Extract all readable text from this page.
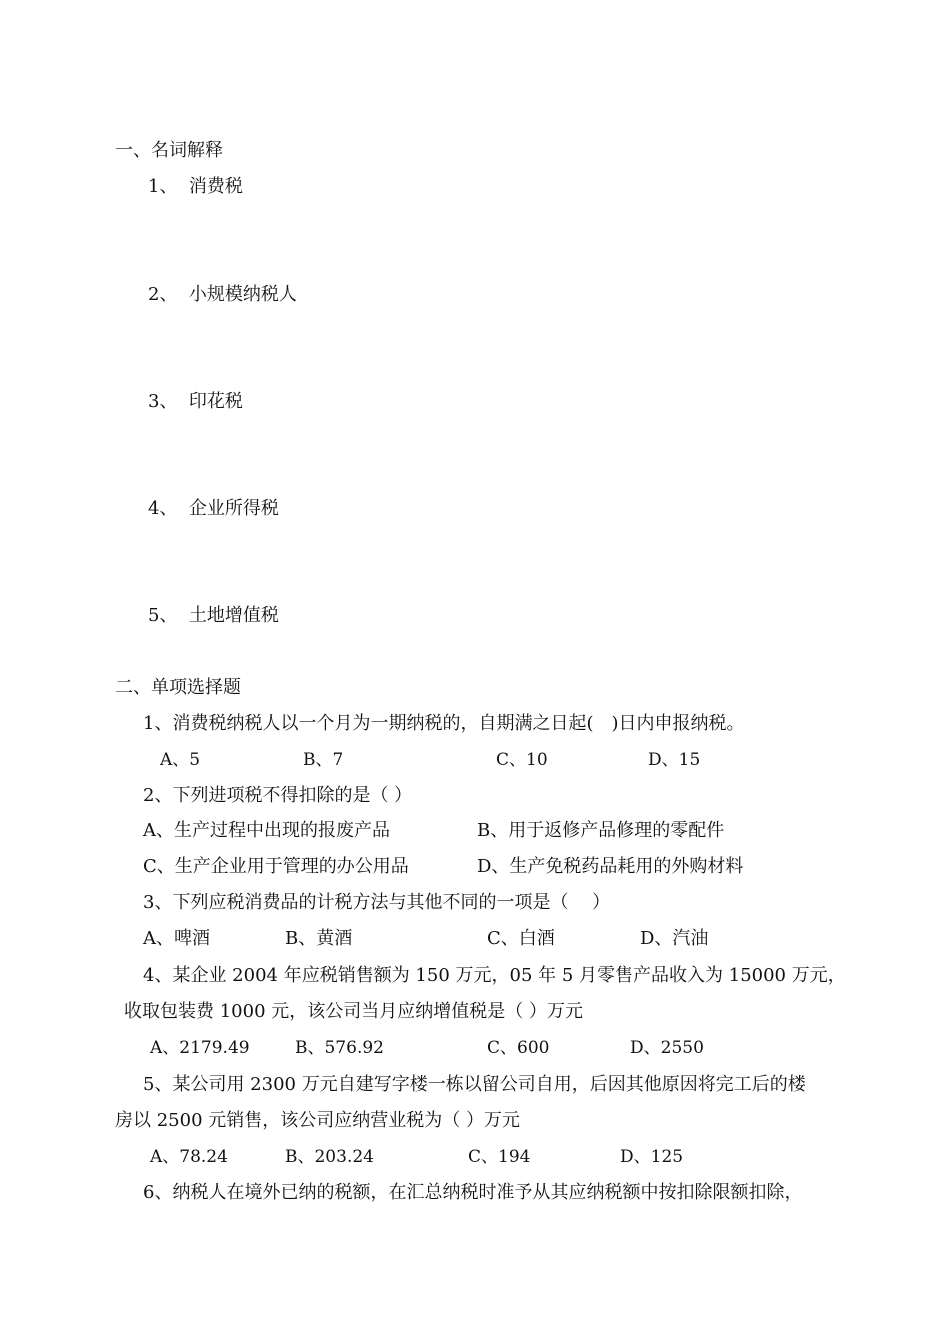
一、名词解释
1、 消费税
2、 小规模纳税人
3、 印花税
4、 企业所得税
5、 土地增值税
二、单项选择题
1、消费税纳税人以一个月为一期纳税的，自期满之日起(　)日内申报纳税。
A、5	B、7	C、10	D、15
2、下列进项税不得扣除的是（ ）
A、生产过程中出现的报废产品	B、用于返修产品修理的零配件
C、生产企业用于管理的办公用品	D、生产免税药品耗用的外购材料
3、下列应税消费品的计税方法与其他不同的一项是（　 ）
A、啤酒	B、黄酒	C、白酒	D、汽油
4、某企业 2004 年应税销售额为 150 万元，05 年 5 月零售产品收入为 15000 万元，
收取包装费 1000 元，该公司当月应纳增值税是（ ）万元
A、2179.49	B、576.92	C、600	D、2550
5、某公司用 2300 万元自建写字楼一栋以留公司自用，后因其他原因将完工后的楼
房以 2500 元销售，该公司应纳营业税为（ ）万元
A、78.24	B、203.24	C、194	D、125
6、纳税人在境外已纳的税额，在汇总纳税时准予从其应纳税额中按扣除限额扣除，
